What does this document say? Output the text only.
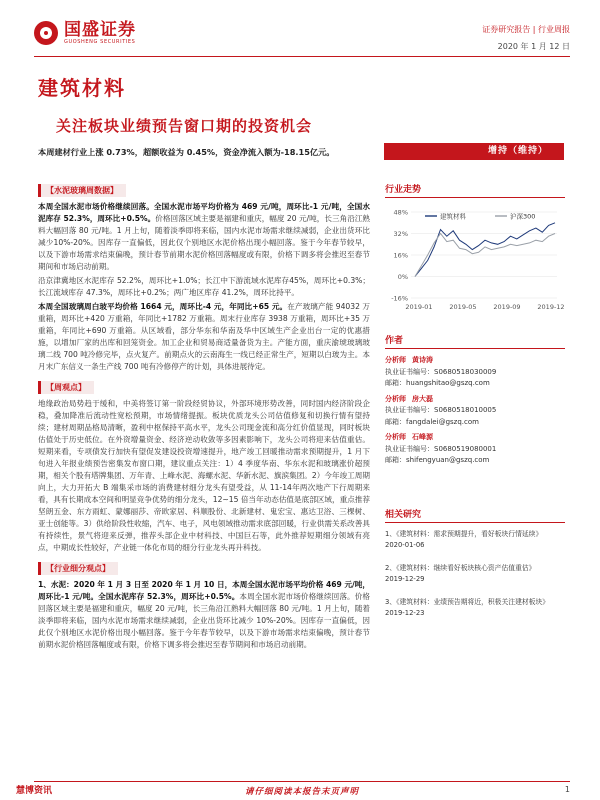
国盛证券
GUOSHENG SECURITIES
证券研究报告 | 行业周报
2020 年 1 月 12 日
建筑材料
关注板块业绩预告窗口期的投资机会
本周建材行业上涨 0.73%，超额收益为 0.45%，资金净流入额为-18.15亿元。	增持（维持）
【水泥玻璃周数据】

本周全国水泥市场价格继续回落。全国水泥市场平均价格为 469 元/吨，周环比-1 元/吨，全国水泥库存 52.3%，周环比+0.5%。价格回落区域主要是福建和重庆，幅度 20 元/吨，长三角沿江熟料大幅回落 80 元/吨。1 月上旬，随着淡季即将来临，国内水泥市场需求继续减弱，企业出货环比减少10%-20%。因库存一直偏低，因此仅个别地区水泥价格出现小幅回落。鉴于今年春节较早，以及下游市场需求结束偏晚，预计春节前期水泥价格回落幅度或有限，价格下调多将会推迟至春节期间和市场启动前期。

沿京津冀地区水泥库存 52.2%，周环比+1.0%；长江中下游流域水泥库存45%，周环比+0.3%；长江流域库存 47.3%，周环比+0.2%；两广地区库存 41.2%，周环比持平。

本周全国玻璃周白玻平均价格 1664 元，周环比-4 元，年同比+65 元。在产玻璃产能 94032 万重箱，周环比+420 万重箱，年同比+1782 万重箱。周末行业库存 3938 万重箱，周环比+35 万重箱，年同比+690 万重箱。从区域看，部分华东和华南及华中区域生产企业出台一定的优惠措施，以增加厂家的出库和回笼资金。加工企业和贸易商适量备货为主。产能方面，重庆渝琥玻璃玻璃二线 700 吨冷修完毕，点火复产。前期点火的云南海生一线已经正常生产，短期以白玻为主。本月末广东信义一条生产线 700 吨有冷修停产的计划，具体进展待定。

【周观点】

地缘政治局势趋于缓和，中美将签订第一阶段经贸协议，外部环境形势改善，同时国内经济阶段企稳，叠加降准后流动性宽松预期，市场情绪提振。板块优质龙头公司估值修复和切换行情有望持续；建材周期品格局清晰，盈利中枢保持平高水平，龙头公司现金流和高分红价值显现，同时板块估值处于历史低位。在外资增量资金、经济逆动收敛等多因素影响下，龙头公司将迎来估值重估。短期来看，专项债发行加快有望促发建设投资增速提升，地产竣工回暖推动需求预期提升，1 月下旬进入年报业绩预告密集发布窗口期，建议重点关注：1）4 季度华南、华东水泥和玻璃涨价超预期，相关个股有塔牌集团、万年青、上峰水泥、海螺水泥、华新水泥、旗滨集团。2）今年竣工周期向上，大力开拓大 B 端集采市场的消费建材细分龙头有望受益，从 11-14年两次地产下行周期来看，具有长期成本空间和明显竞争优势的细分龙头，12~15 倍当年动态估值是底部区域，重点推荐坚朗五金、东方雨虹、蒙娜丽莎、帝欧家居、科顺股份、北新建材、鬼宏宝、惠达卫浴、三棵树、亚士创能等。3）供给阶段性收缩，汽车、电子，风电领域推动需求底部回暖，行业供需关系改善具有持续性，景气将迎来反弹，推荐头部企业中材科技、中国巨石等，此外推荐短期细分领域有亮点，中期成长性较好，产业链一体化布局的细分行业龙头再升科技。

【行业细分观点】

1、水泥：2020 年 1 月 3 日至 2020 年 1 月 10 日，本周全国水泥市场平均价格 469 元/吨，周环比-1 元/吨。全国水泥库存 52.3%，周环比+0.5%。本周全国水泥市场价格继续回落。价格回落区域主要是福建和重庆，幅度 20 元/吨，长三角沿江熟料大幅回落 80 元/吨。1 月上旬，随着淡季即将来临，国内水泥市场需求继续减弱，企业出货环比减少 10%-20%。因库存一直偏低，因此仅个别地区水泥价格出现小幅回落。鉴于今年春节较早，以及下游市场需求结束偏晚，预计春节前期水泥价格回落幅度或有限，价格下调多将会推迟至春节期间和市场启动前期。

行业走势
48%
32%
16%
0%
-16%
2019-01	2019-05	2019-09	2019-12
建筑材料	沪深300
作者
分析师 黄诗涛
执业证书编号：S0680518030009
邮箱：huangshitao@gszq.com
分析师 房大磊
执业证书编号：S0680518010005
邮箱：fangdalei@gszq.com
分析师 石峰源
执业证书编号：S0680519080001
邮箱：shifengyuan@gszq.com
相关研究
1、《建筑材料：需求预期提升，看好板块行情延续》
2020-01-06
2、《建筑材料：继续看好板块核心资产估值重估》
2019-12-29
3、《建筑材料：业绩预告期将近，积极关注建材板块》
2019-12-23
慧博资讯	请仔细阅读本报告末页声明	1
